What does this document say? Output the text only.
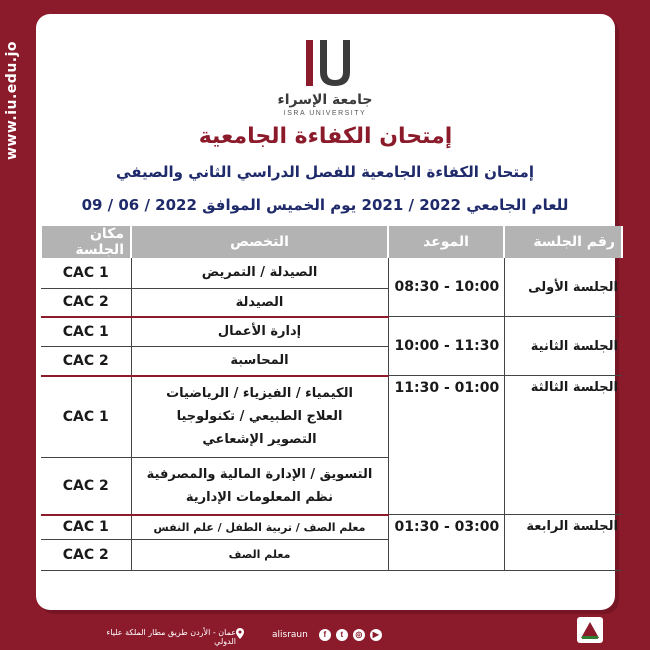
www.iu.edu.jo	جامعة الإسراء
ISRA UNIVERSITY
إمتحان الكفاءة الجامعية
إمتحان الكفاءة الجامعية للفصل الدراسي الثاني والصيفي
للعام الجامعي 2021 / 2022 يوم الخميس الموافق 09 / 06 / 2022
رقم الجلسة	الموعد	التخصص	مكان الجلسة
الجلسة الأولى	08:30 - 10:00	الصيدلة / التمريض	CAC 1

		الصيدلة	CAC 2
الجلسة الثانية	10:00 - 11:30	إدارة الأعمال	CAC 1

		المحاسبة	CAC 2
الجلسة الثالثة	11:30 - 01:00	الكيمياء / الفيزياء / الرياضيات
العلاج الطبيعي / تكنولوجيا
التصوير الإشعاعي	CAC 1

		التسويق / الإدارة المالية والمصرفية
نظم المعلومات الإدارية	CAC 2
الجلسة الرابعة	01:30 - 03:00	معلم الصف / تربية الطفل / علم النفس	CAC 1

		معلم الصف	CAC 2
alisraun	f	t	◎	▶
عمان - الأردن طريق مطار الملكة علياء الدولي
